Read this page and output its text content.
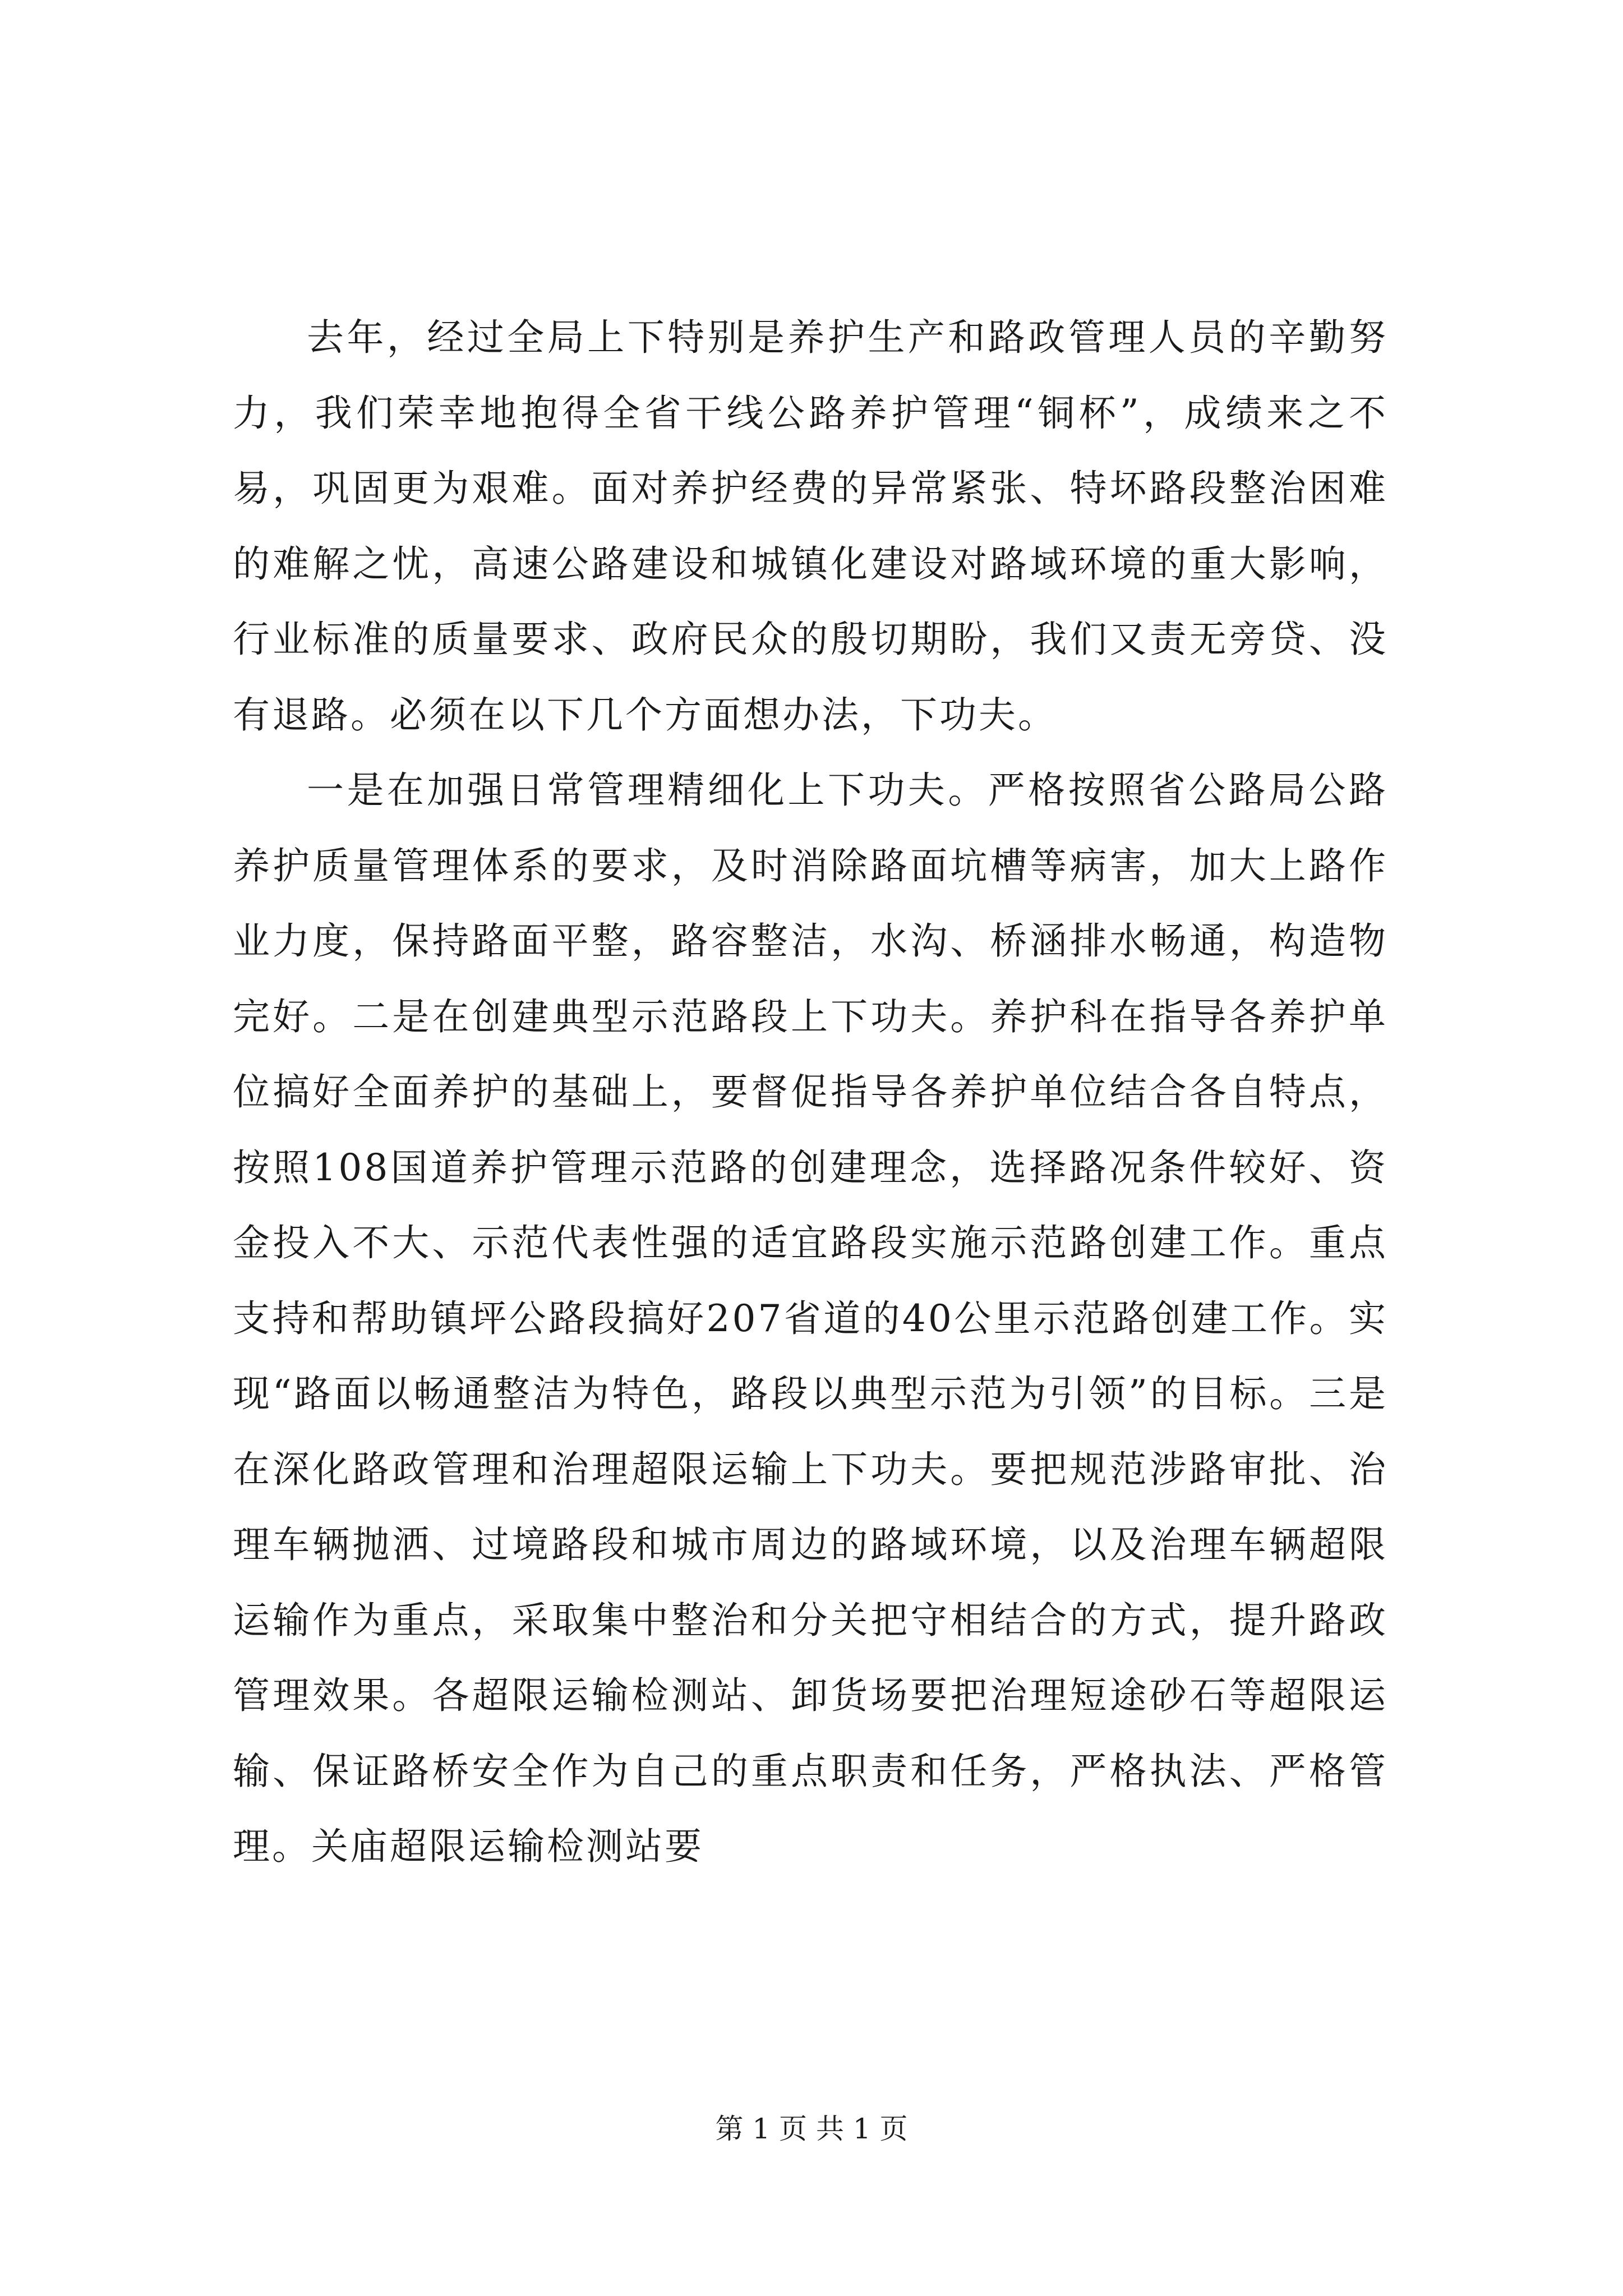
去年，经过全局上下特别是养护生产和路政管理人员的辛勤努力，我们荣幸地抱得全省干线公路养护管理“铜杯”，成绩来之不易，巩固更为艰难。面对养护经费的异常紧张、特坏路段整治困难的难解之忧，高速公路建设和城镇化建设对路域环境的重大影响，行业标准的质量要求、政府民众的殷切期盼，我们又责无旁贷、没有退路。必须在以下几个方面想办法，下功夫。

一是在加强日常管理精细化上下功夫。严格按照省公路局公路养护质量管理体系的要求，及时消除路面坑槽等病害，加大上路作业力度，保持路面平整，路容整洁，水沟、桥涵排水畅通，构造物完好。二是在创建典型示范路段上下功夫。养护科在指导各养护单位搞好全面养护的基础上，要督促指导各养护单位结合各自特点，按照108国道养护管理示范路的创建理念，选择路况条件较好、资金投入不大、示范代表性强的适宜路段实施示范路创建工作。重点支持和帮助镇坪公路段搞好207省道的40公里示范路创建工作。实现“路面以畅通整洁为特色，路段以典型示范为引领”的目标。三是在深化路政管理和治理超限运输上下功夫。要把规范涉路审批、治理车辆抛洒、过境路段和城市周边的路域环境，以及治理车辆超限运输作为重点，采取集中整治和分关把守相结合的方式，提升路政管理效果。各超限运输检测站、卸货场要把治理短途砂石等超限运输、保证路桥安全作为自己的重点职责和任务，严格执法、严格管理。关庙超限运输检测站要

第 1 页 共 1 页
